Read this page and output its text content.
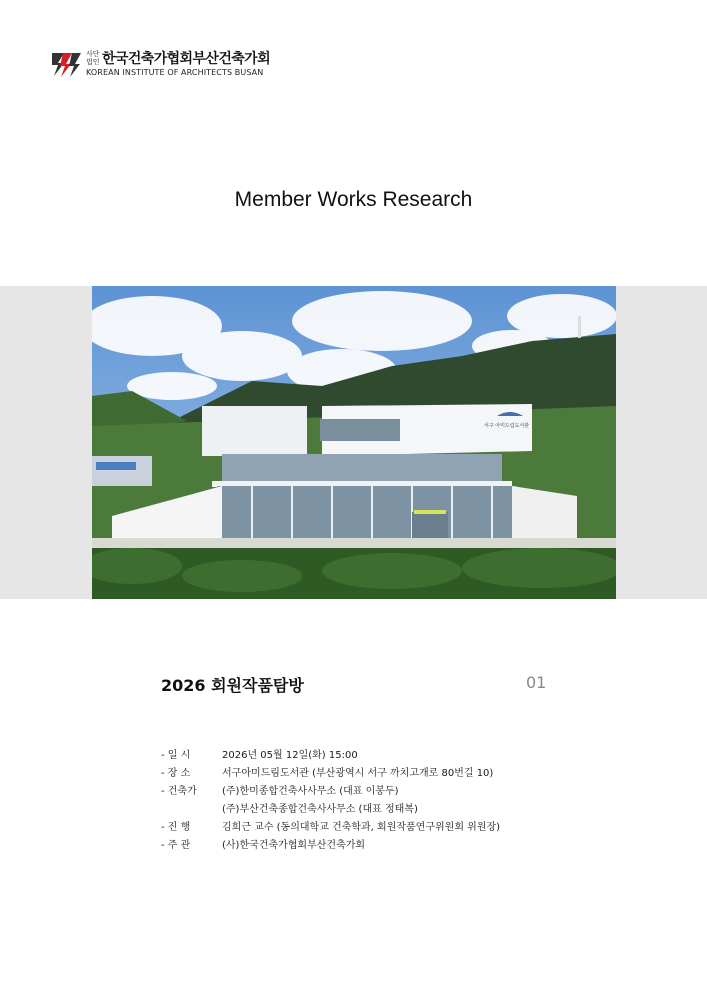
사단법인 한국건축가협회부산건축가회
KOREAN INSTITUTE OF ARCHITECTS BUSAN
Member Works Research
서구 아미드림도서관
2026 회원작품탐방	01
- 일 시	2026년 05월 12일(화) 15:00
- 장 소	서구아미드림도서관 (부산광역시 서구 까치고개로 80번길 10)
- 건축가	(주)한미종합건축사사무소 (대표 이봉두)
(주)부산건축종합건축사사무소 (대표 정태복)
- 진 행	김희근 교수 (동의대학교 건축학과, 회원작품연구위원회 위원장)
- 주 관	(사)한국건축가협회부산건축가회
